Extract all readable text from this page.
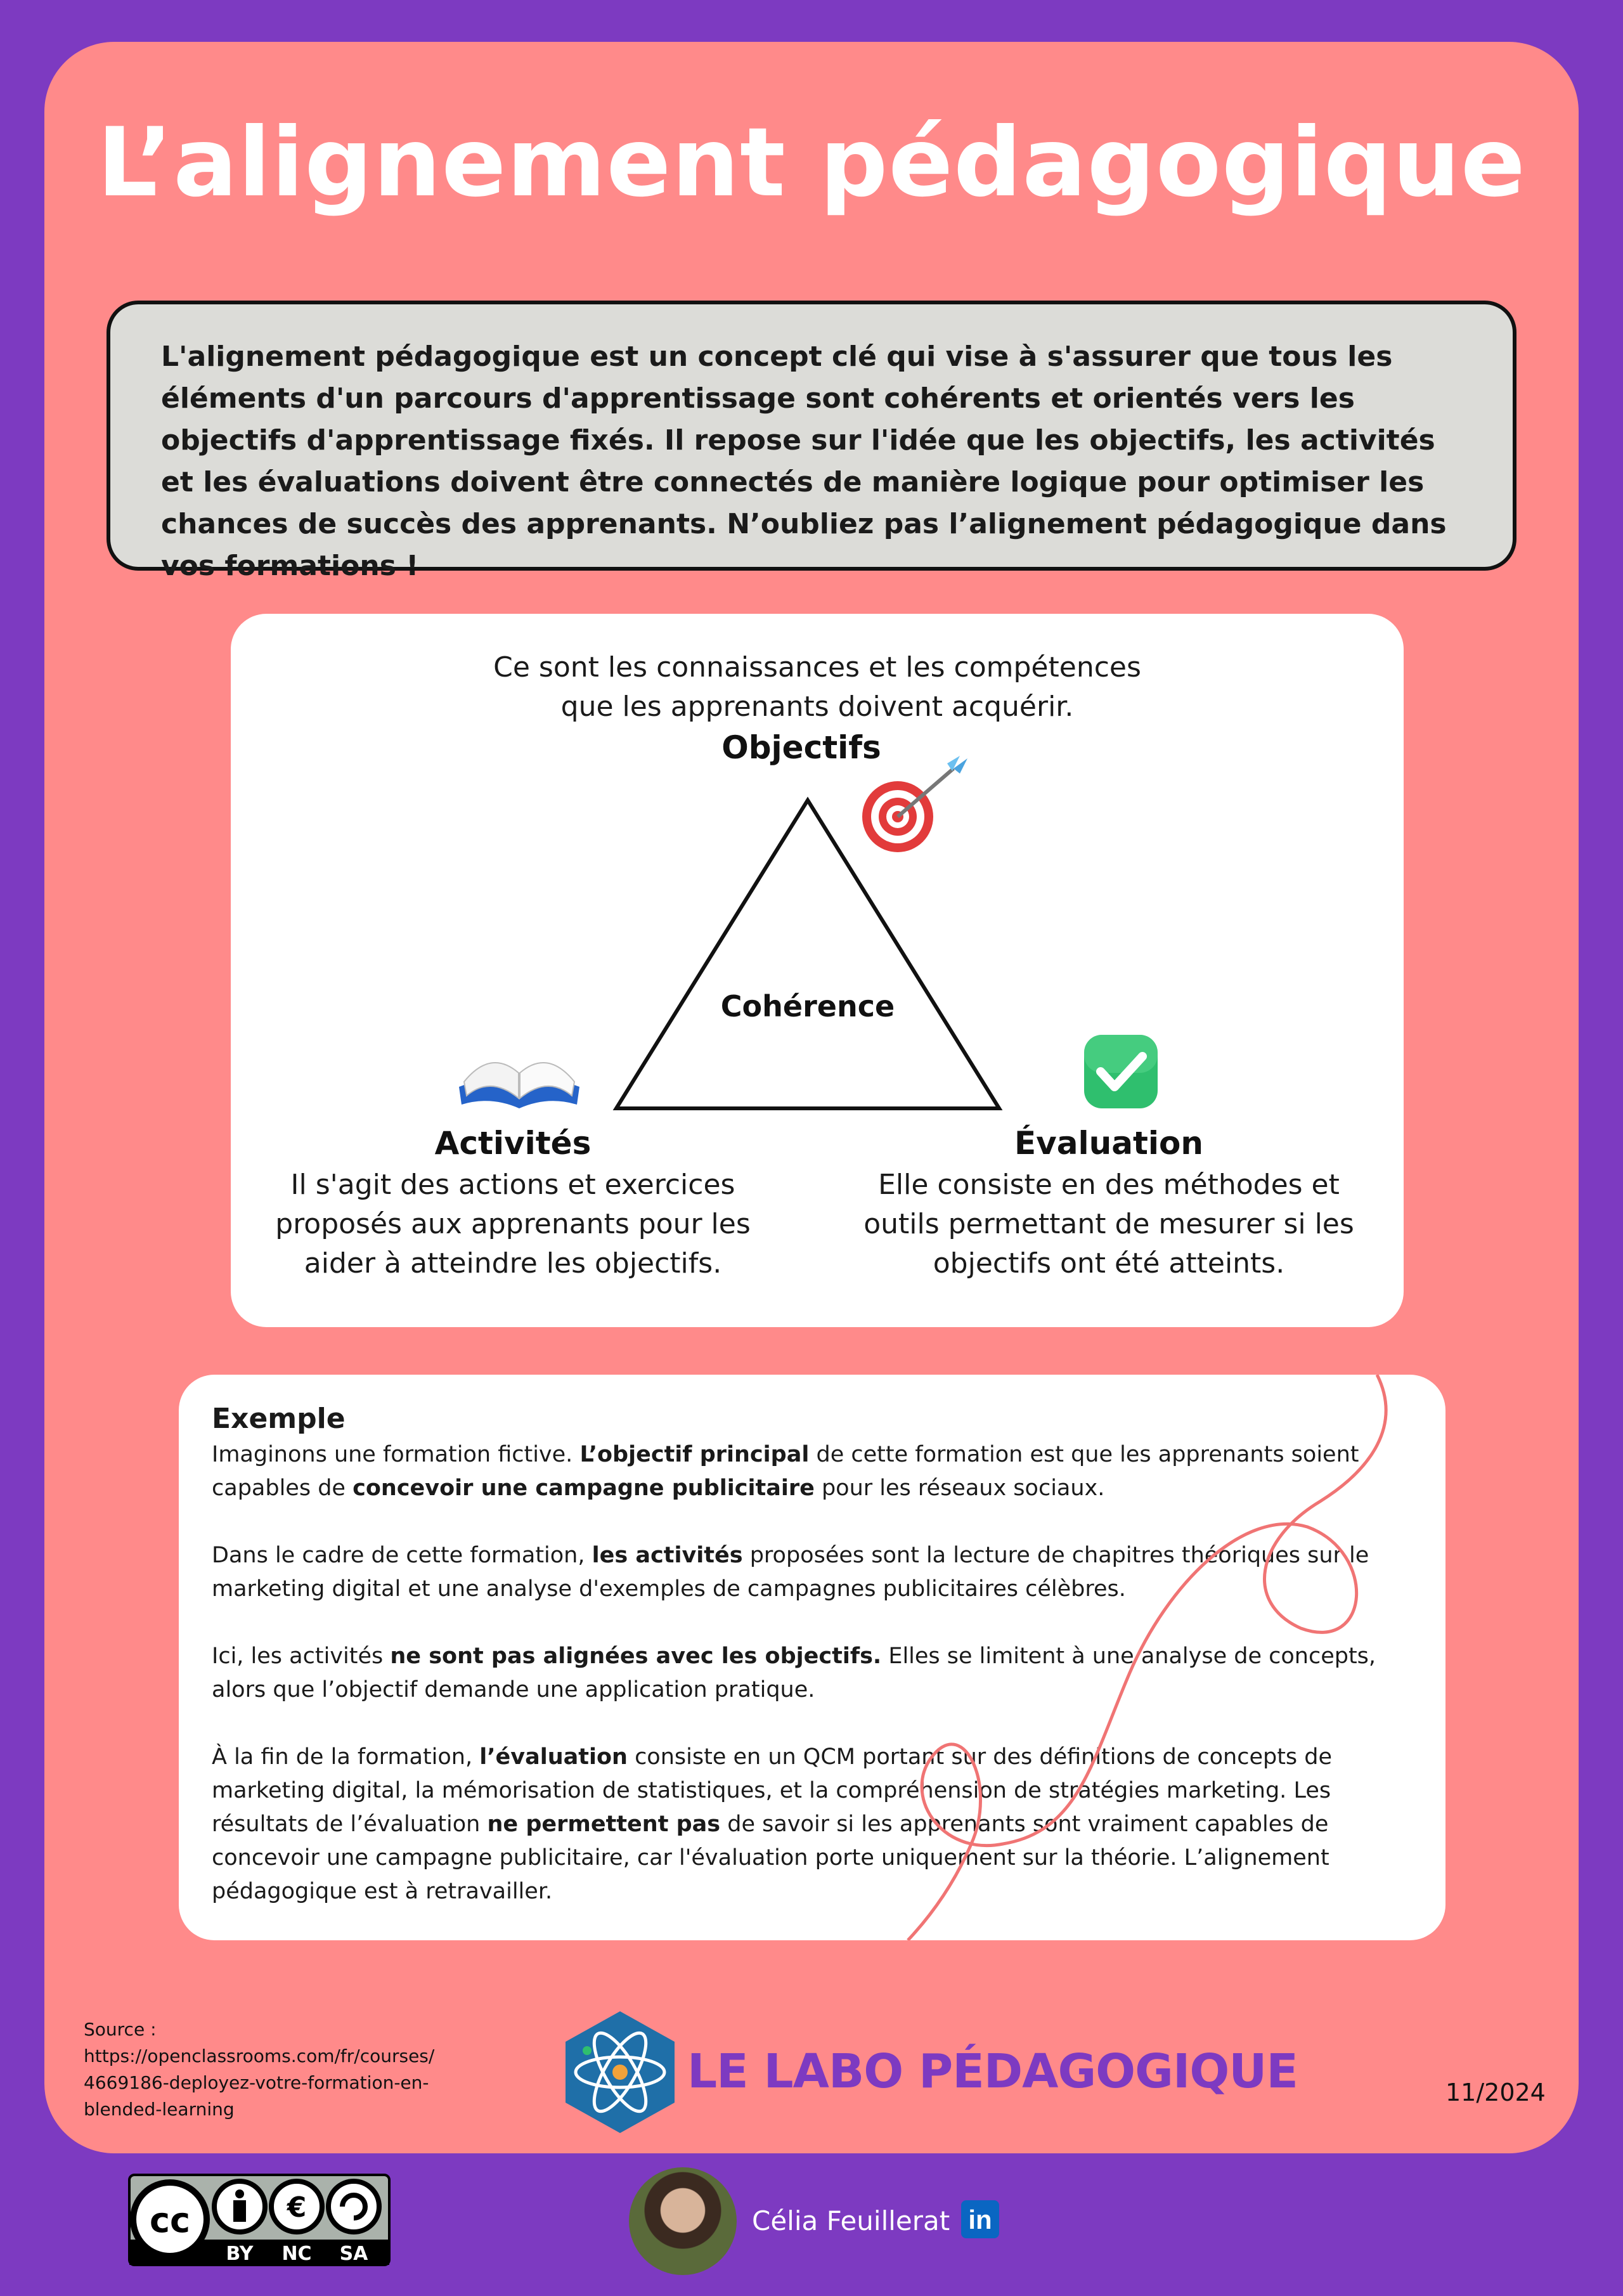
L’alignement pédagogique
L'alignement pédagogique est un concept clé qui vise à s'assurer que tous les éléments d'un parcours d'apprentissage sont cohérents et orientés vers les objectifs d'apprentissage fixés. Il repose sur l'idée que les objectifs, les activités et les évaluations doivent être connectés de manière logique pour optimiser les chances de succès des apprenants. N’oubliez pas l’alignement pédagogique dans vos formations !
Ce sont les connaissances et les compétences
que les apprenants doivent acquérir.
Objectifs
Cohérence
Activités
Il s'agit des actions et exercices
proposés aux apprenants pour les
aider à atteindre les objectifs.
Évaluation
Elle consiste en des méthodes et
outils permettant de mesurer si les
objectifs ont été atteints.
Exemple

Imaginons une formation fictive. L’objectif principal de cette formation est que les apprenants soient capables de concevoir une campagne publicitaire pour les réseaux sociaux.

Dans le cadre de cette formation, les activités proposées sont la lecture de chapitres théoriques sur le marketing digital et une analyse d'exemples de campagnes publicitaires célèbres.

Ici, les activités ne sont pas alignées avec les objectifs. Elles se limitent à une analyse de concepts, alors que l’objectif demande une application pratique.

À la fin de la formation, l’évaluation consiste en un QCM portant sur des définitions de concepts de marketing digital, la mémorisation de statistiques, et la compréhension de stratégies marketing. Les résultats de l’évaluation ne permettent pas de savoir si les apprenants sont vraiment capables de concevoir une campagne publicitaire, car l'évaluation porte uniquement sur la théorie. L’alignement pédagogique est à retravailler.

Source :
https://openclassrooms.com/fr/courses/4669186-deployez-votre-formation-en-blended-learning
LE LABO PÉDAGOGIQUE	11/2024
cc	€
BY NC SA
Célia Feuillerat in
